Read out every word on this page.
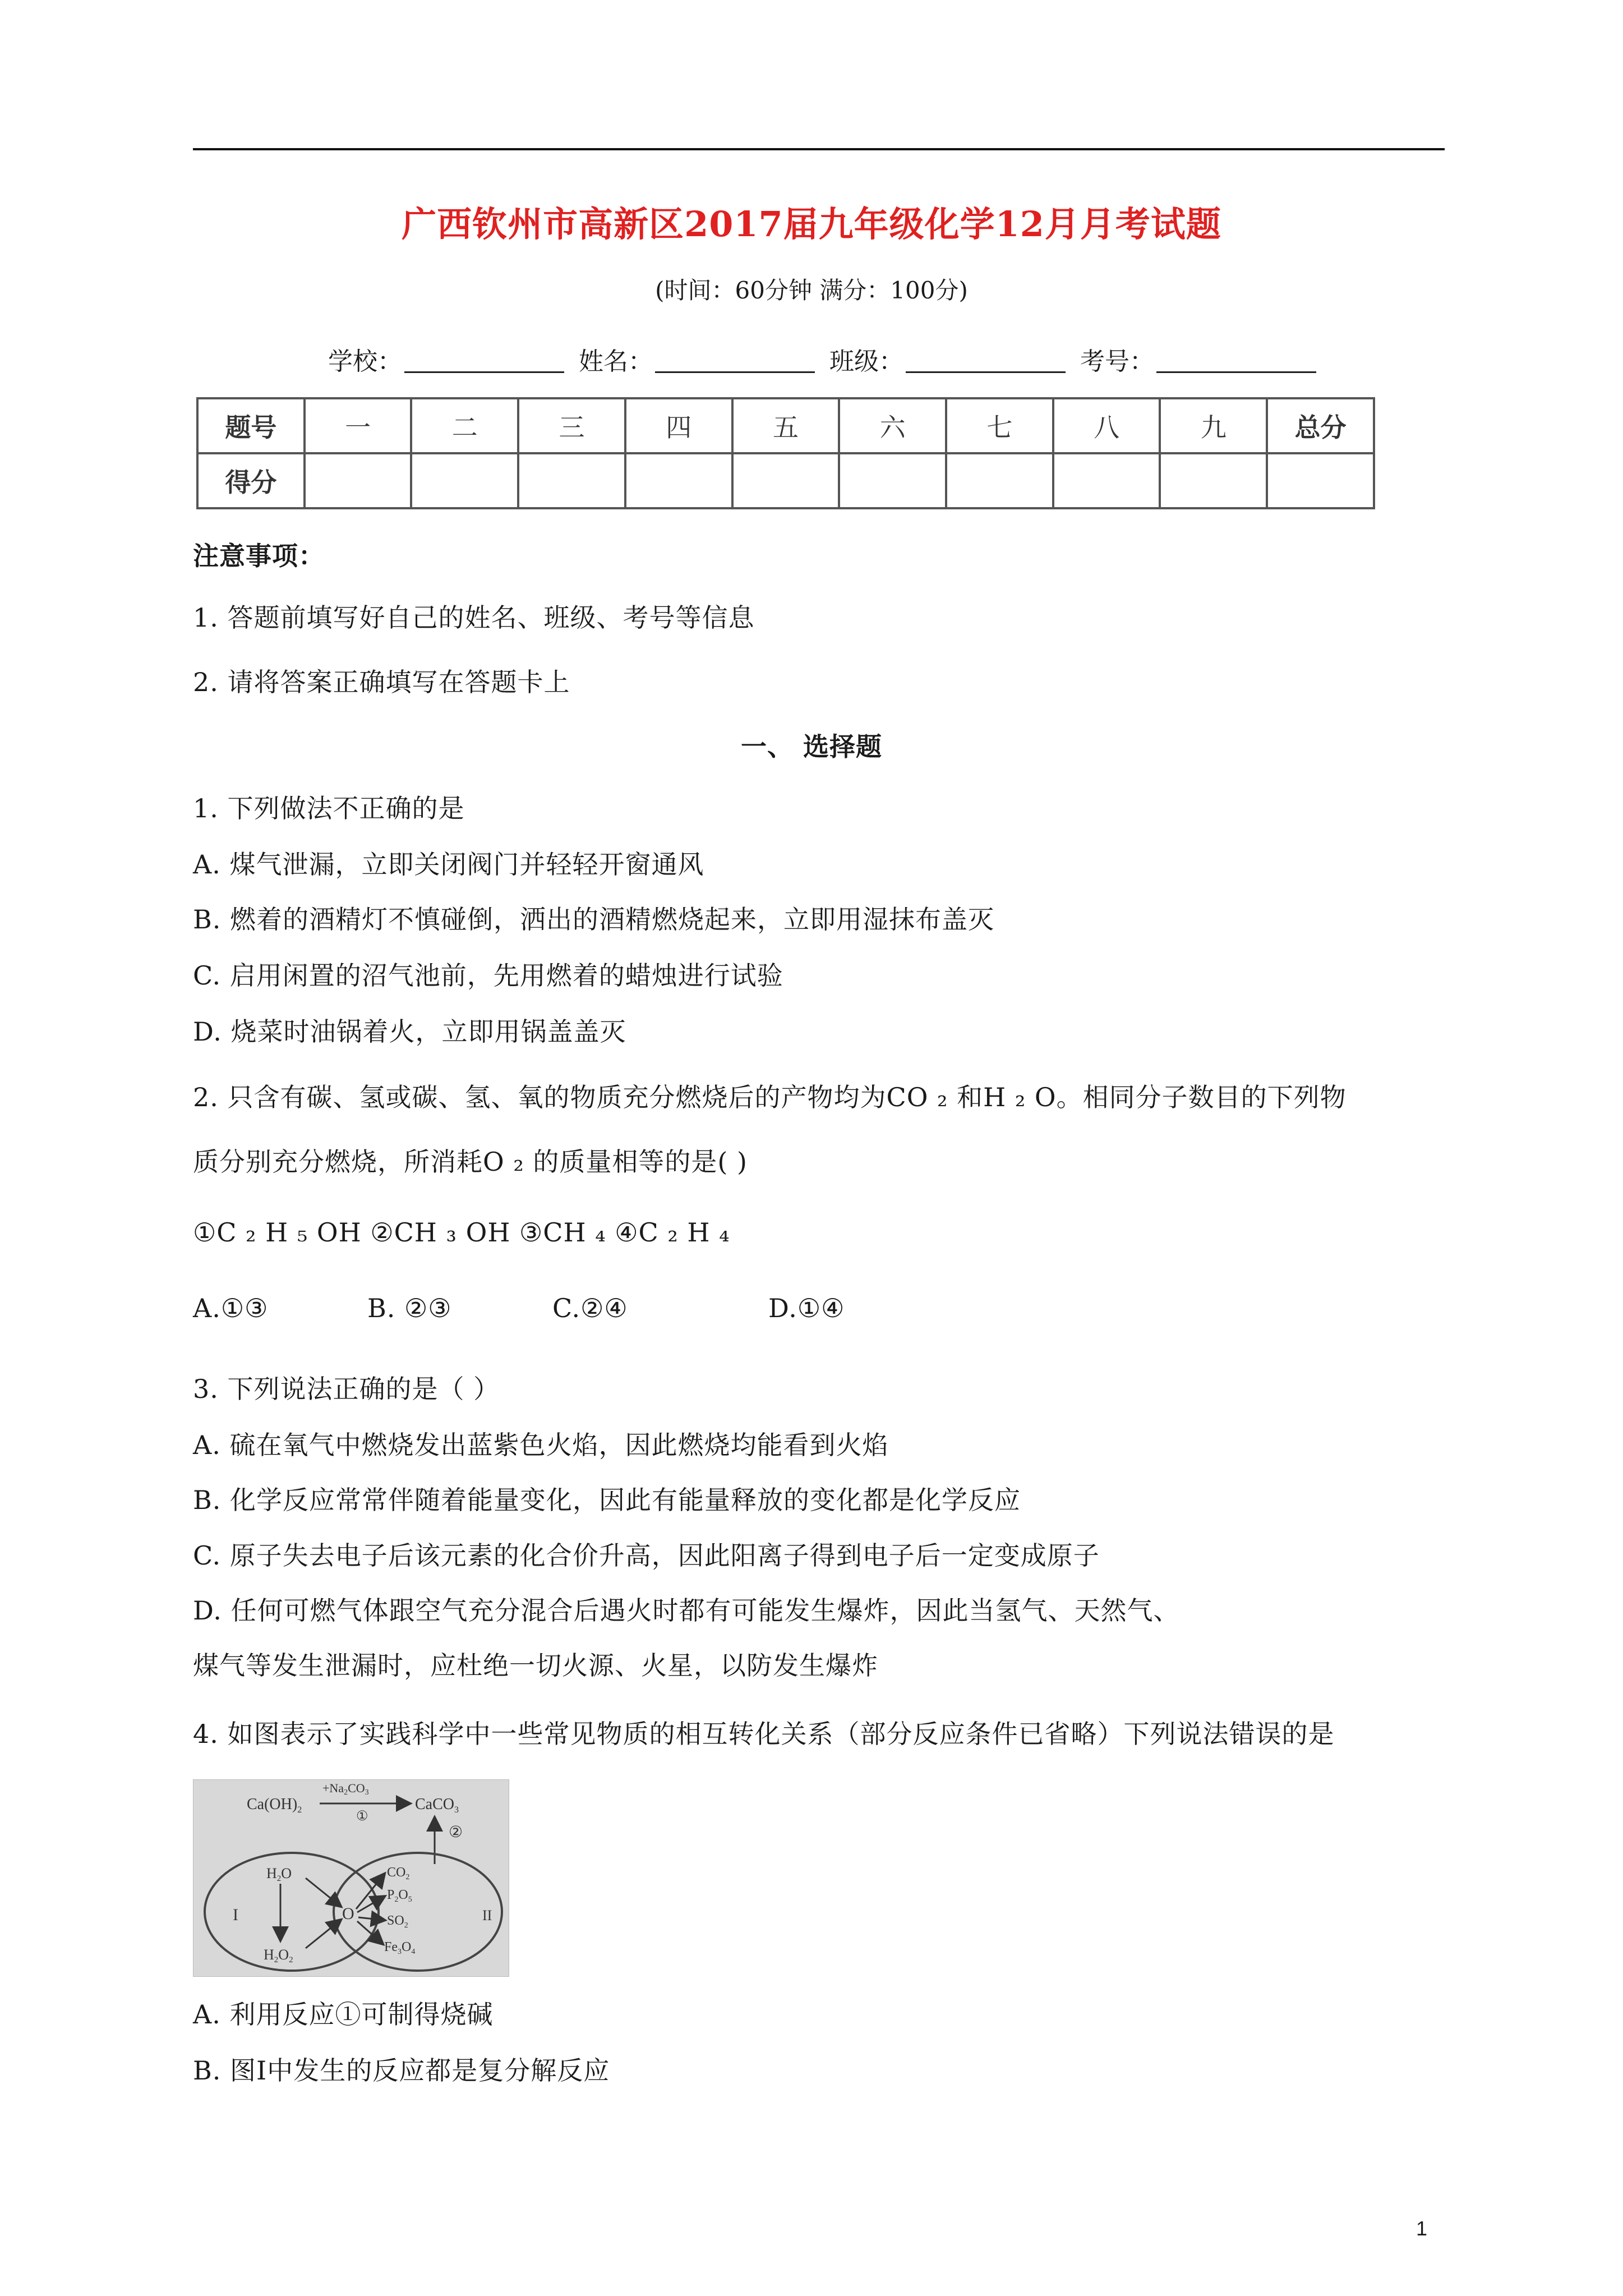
广西钦州市高新区2017届九年级化学12月月考试题
(时间：60分钟 满分：100分)
学校：	姓名：	班级：	考号：
题号	一	二	三	四	五	六	七	八	九	总分
得分										
注意事项：
1. 答题前填写好自己的姓名、班级、考号等信息
2. 请将答案正确填写在答题卡上
一、 选择题
1. 下列做法不正确的是
A. 煤气泄漏，立即关闭阀门并轻轻开窗通风
B. 燃着的酒精灯不慎碰倒，洒出的酒精燃烧起来，立即用湿抹布盖灭
C. 启用闲置的沼气池前，先用燃着的蜡烛进行试验
D. 烧菜时油锅着火，立即用锅盖盖灭
2. 只含有碳、氢或碳、氢、氧的物质充分燃烧后的产物均为CO ₂ 和H ₂ O。相同分子数目的下列物
质分别充分燃烧，所消耗O ₂ 的质量相等的是( )
①C ₂ H ₅ OH ②CH ₃ OH ③CH ₄ ④C ₂ H ₄
A.①③	B. ②③	C.②④	D.①④
3. 下列说法正确的是（ ）
A. 硫在氧气中燃烧发出蓝紫色火焰，因此燃烧均能看到火焰
B. 化学反应常常伴随着能量变化，因此有能量释放的变化都是化学反应
C. 原子失去电子后该元素的化合价升高，因此阳离子得到电子后一定变成原子
D. 任何可燃气体跟空气充分混合后遇火时都有可能发生爆炸，因此当氢气、天然气、
煤气等发生泄漏时，应杜绝一切火源、火星，以防发生爆炸
4. 如图表示了实践科学中一些常见物质的相互转化关系（部分反应条件已省略）下列说法错误的是
$Ca(OH)_2$
+Na2CO3
①
CaCO$_3$
②
I	II
H2O
H2O2
O
$CO_2$
$P_2O_5$
$SO_2$
$Fe_3O_4$
A. 利用反应①可制得烧碱
B. 图Ⅰ中发生的反应都是复分解反应
1
